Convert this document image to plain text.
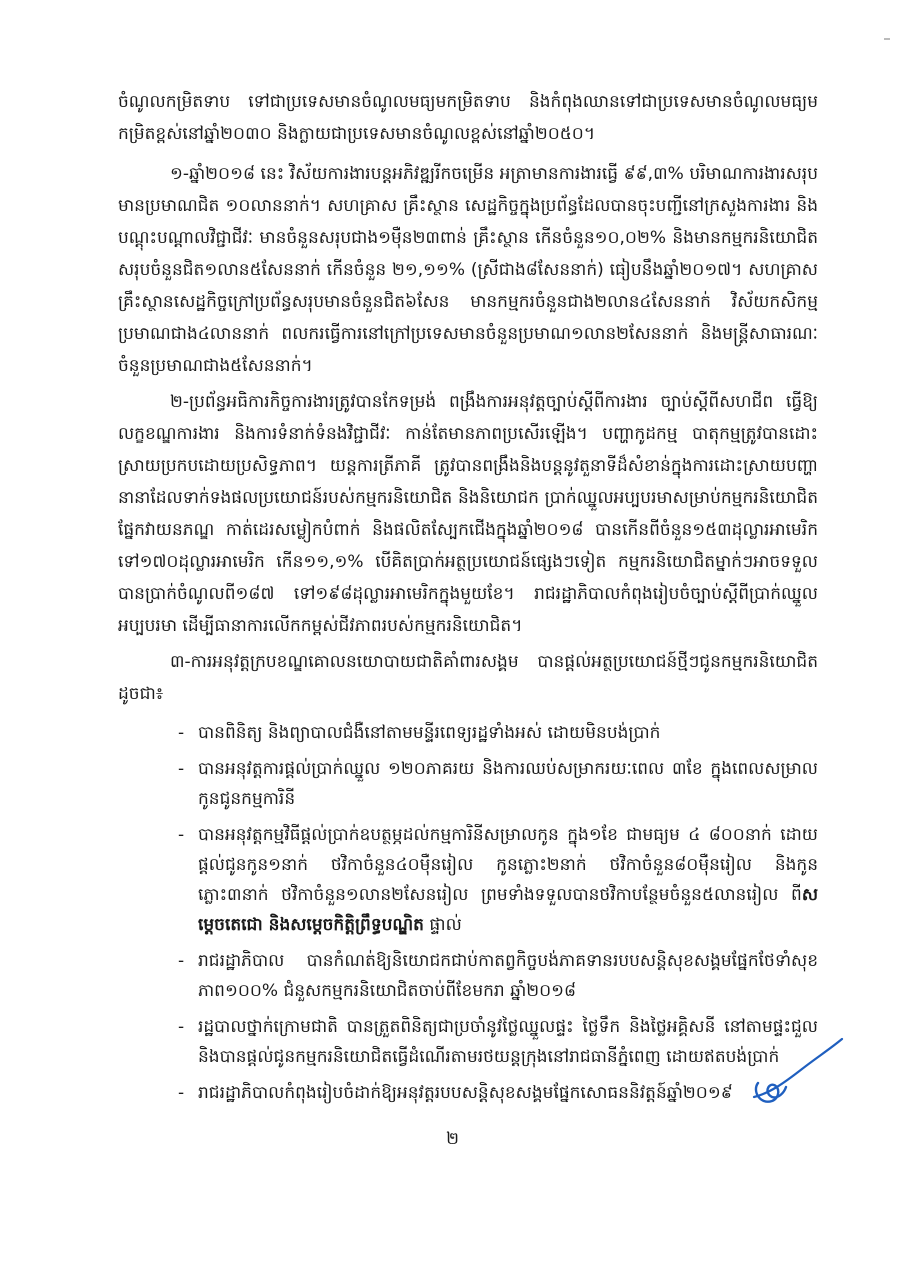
ចំណូលកម្រិតទាប ទៅជាប្រទេសមានចំណូលមធ្យមកម្រិតទាប និងកំពុងឈានទៅជាប្រទេសមានចំណូលមធ្យមកម្រិតខ្ពស់នៅឆ្នាំ២០៣០ និងក្លាយជាប្រទេសមានចំណូលខ្ពស់នៅឆ្នាំ២០៥០។

១-ឆ្នាំ២០១៨ នេះ វិស័យការងារបន្តអភិវឌ្ឍរីកចម្រើន អត្រាមានការងារធ្វើ ៩៩,៣% បរិមាណការងារសរុបមានប្រមាណជិត ១០លាននាក់។ សហគ្រាស គ្រឹះស្ថាន សេដ្ឋកិច្ចក្នុងប្រព័ន្ធដែលបានចុះបញ្ជីនៅក្រសួងការងារ និងបណ្តុះបណ្តាលវិជ្ជាជីវៈ មានចំនួនសរុបជាង១ម៉ឺន២៣ពាន់ គ្រឹះស្ថាន កើនចំនួន១០,០២% និងមានកម្មករនិយោជិតសរុបចំនួនជិត១លាន៥សែននាក់ កើនចំនួន ២១,១១% (ស្រីជាង៨សែននាក់) ធៀបនឹងឆ្នាំ២០១៧។ សហគ្រាស គ្រឹះស្ថានសេដ្ឋកិច្ចក្រៅប្រព័ន្ធសរុបមានចំនួនជិត៦សែន មានកម្មករចំនួនជាង២លាន៤សែននាក់ វិស័យកសិកម្មប្រមាណជាង៤លាននាក់ ពលករធ្វើការនៅក្រៅប្រទេសមានចំនួនប្រមាណ១លាន២សែននាក់ និងមន្ត្រីសាធារណៈចំនួនប្រមាណជាង៥សែននាក់។

២-ប្រព័ន្ធអធិការកិច្ចការងារត្រូវបានកែទម្រង់ ពង្រឹងការអនុវត្តច្បាប់ស្តីពីការងារ ច្បាប់ស្តីពីសហជីព ធ្វើឱ្យលក្ខខណ្ឌការងារ និងការទំនាក់ទំនងវិជ្ជាជីវៈ កាន់តែមានភាពប្រសើរឡើង។ បញ្ហាកូដកម្ម បាតុកម្មត្រូវបានដោះស្រាយប្រកបដោយប្រសិទ្ធភាព។ យន្តការត្រីភាគី ត្រូវបានពង្រឹងនិងបន្តនូវតួនាទីដ៏សំខាន់ក្នុងការដោះស្រាយបញ្ហានានាដែលទាក់ទងផលប្រយោជន៍របស់កម្មករនិយោជិត និងនិយោជក ប្រាក់ឈ្នួលអប្បបរមាសម្រាប់កម្មករនិយោជិតផ្នែកវាយនភណ្ឌ កាត់ដេរសម្លៀកបំពាក់ និងផលិតស្បែកជើងក្នុងឆ្នាំ២០១៨ បានកើនពីចំនួន១៥៣ដុល្លារអាមេរិក ទៅ១៧០ដុល្លារអាមេរិក កើន១១,១% បើគិតប្រាក់អត្ថប្រយោជន៍ផ្សេងៗទៀត កម្មករនិយោជិតម្នាក់ៗអាចទទួលបានប្រាក់ចំណូលពី១៨៧ ទៅ១៩៨ដុល្លារអាមេរិកក្នុងមួយខែ។ រាជរដ្ឋាភិបាលកំពុងរៀបចំច្បាប់ស្តីពីប្រាក់ឈ្នួលអប្បបរមា ដើម្បីធានាការលើកកម្ពស់ជីវភាពរបស់កម្មករនិយោជិត។

៣-ការអនុវត្តក្របខណ្ឌគោលនយោបាយជាតិគាំពារសង្គម បានផ្តល់អត្ថប្រយោជន៍ថ្មីៗជូនកម្មករនិយោជិតដូចជា៖

- បានពិនិត្យ និងព្យាបាលជំងឺនៅតាមមន្ទីរពេទ្យរដ្ឋទាំងអស់ ដោយមិនបង់ប្រាក់
- បានអនុវត្តការផ្តល់ប្រាក់ឈ្នួល ១២០ភាគរយ និងការឈប់សម្រាករយៈពេល ៣ខែ ក្នុងពេលសម្រាលកូនជូនកម្មការិនី
- បានអនុវត្តកម្មវិធីផ្តល់ប្រាក់ឧបត្ថម្ភដល់កម្មការិនីសម្រាលកូន ក្នុង១ខែ ជាមធ្យម ៤ ៨០០នាក់ ដោយផ្តល់ជូនកូន១នាក់ ថវិកាចំនួន៤០ម៉ឺនរៀល កូនភ្លោះ២នាក់ ថវិកាចំនួន៨០ម៉ឺនរៀល និងកូនភ្លោះ៣នាក់ ថវិកាចំនួន១លាន២សែនរៀល ព្រមទាំងទទួលបានថវិកាបន្ថែមចំនួន៥លានរៀល ពីសម្តេចតេជោ និងសម្តេចកិត្តិព្រឹទ្ធបណ្ឌិត ផ្ទាល់
- រាជរដ្ឋាភិបាល បានកំណត់ឱ្យនិយោជកជាប់កាតព្វកិច្ចបង់ភាគទានរបបសន្តិសុខសង្គមផ្នែកថែទាំសុខភាព១០០% ជំនួសកម្មករនិយោជិតចាប់ពីខែមករា ឆ្នាំ២០១៨
- រដ្ឋបាលថ្នាក់ក្រោមជាតិ បានត្រួតពិនិត្យជាប្រចាំនូវថ្លៃឈ្នួលផ្ទះ ថ្លៃទឹក និងថ្លៃអគ្គិសនី នៅតាមផ្ទះជួល និងបានផ្តល់ជូនកម្មករនិយោជិតធ្វើដំណើរតាមរថយន្តក្រុងនៅរាជធានីភ្នំពេញ ដោយឥតបង់ប្រាក់
- រាជរដ្ឋាភិបាលកំពុងរៀបចំដាក់ឱ្យអនុវត្តរបបសន្តិសុខសង្គមផ្នែកសោធននិវត្តន៍ឆ្នាំ២០១៩
២
